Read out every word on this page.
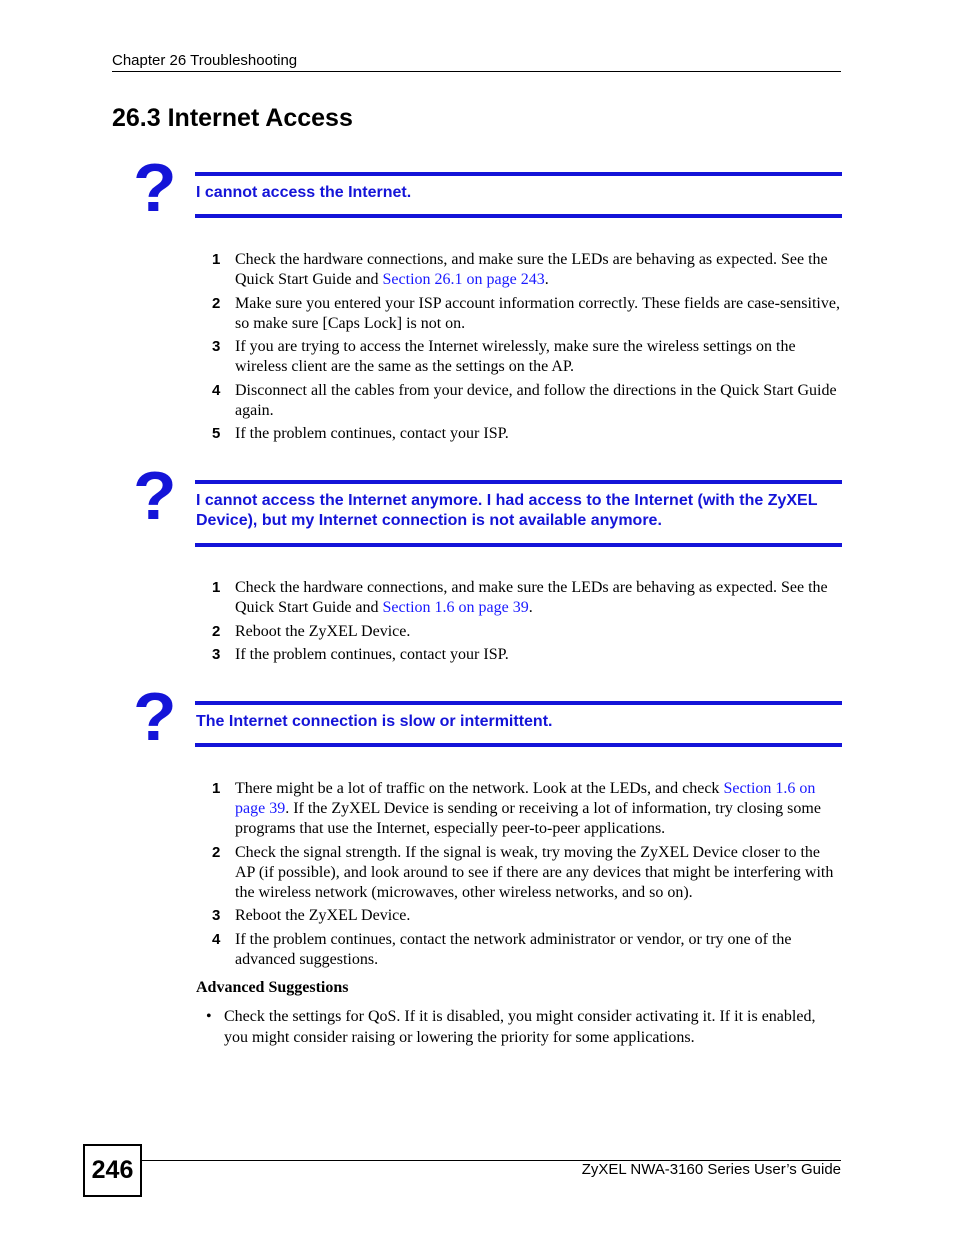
Chapter 26 Troubleshooting
26.3 Internet Access
? I cannot access the Internet.
1 Check the hardware connections, and make sure the LEDs are behaving as expected. See the Quick Start Guide and Section 26.1 on page 243.
2 Make sure you entered your ISP account information correctly. These fields are case-sensitive, so make sure [Caps Lock] is not on.
3 If you are trying to access the Internet wirelessly, make sure the wireless settings on the wireless client are the same as the settings on the AP.
4 Disconnect all the cables from your device, and follow the directions in the Quick Start Guide again.
5 If the problem continues, contact your ISP.
? I cannot access the Internet anymore. I had access to the Internet (with the ZyXEL Device), but my Internet connection is not available anymore.
1 Check the hardware connections, and make sure the LEDs are behaving as expected. See the Quick Start Guide and Section 1.6 on page 39.
2 Reboot the ZyXEL Device.
3 If the problem continues, contact your ISP.
? The Internet connection is slow or intermittent.
1 There might be a lot of traffic on the network. Look at the LEDs, and check Section 1.6 on page 39. If the ZyXEL Device is sending or receiving a lot of information, try closing some programs that use the Internet, especially peer-to-peer applications.
2 Check the signal strength. If the signal is weak, try moving the ZyXEL Device closer to the AP (if possible), and look around to see if there are any devices that might be interfering with the wireless network (microwaves, other wireless networks, and so on).
3 Reboot the ZyXEL Device.
4 If the problem continues, contact the network administrator or vendor, or try one of the advanced suggestions.
Advanced Suggestions
• Check the settings for QoS. If it is disabled, you might consider activating it. If it is enabled, you might consider raising or lowering the priority for some applications.
246	ZyXEL NWA-3160 Series User’s Guide
